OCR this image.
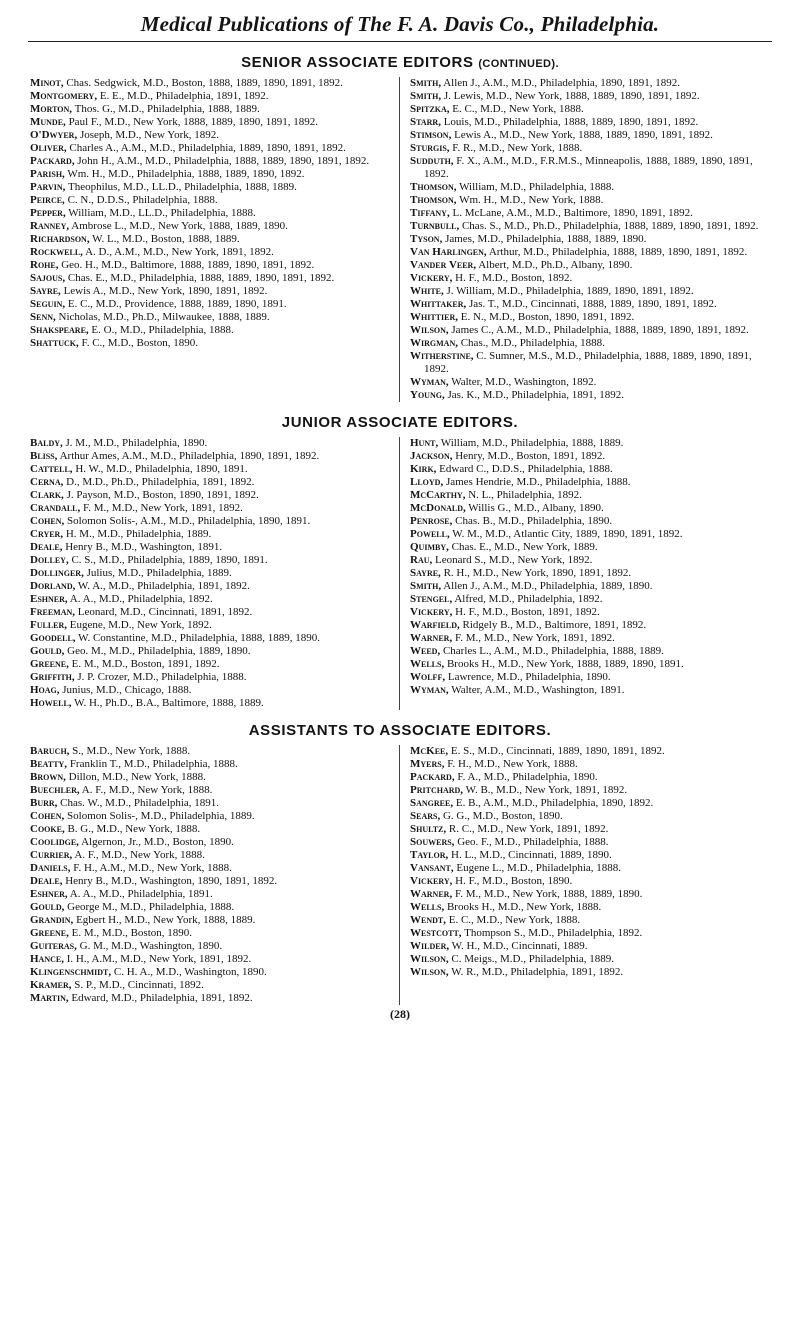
Medical Publications of The F. A. Davis Co., Philadelphia.
SENIOR ASSOCIATE EDITORS (CONTINUED).

Minot, Chas. Sedgwick, M.D., Boston, 1888, 1889, 1890, 1891, 1892.

Montgomery, E. E., M.D., Philadelphia, 1891, 1892.

Morton, Thos. G., M.D., Philadelphia, 1888, 1889.

Munde, Paul F., M.D., New York, 1888, 1889, 1890, 1891, 1892.

O'Dwyer, Joseph, M.D., New York, 1892.

Oliver, Charles A., A.M., M.D., Philadelphia, 1889, 1890, 1891, 1892.

Packard, John H., A.M., M.D., Philadelphia, 1888, 1889, 1890, 1891, 1892.

Parish, Wm. H., M.D., Philadelphia, 1888, 1889, 1890, 1892.

Parvin, Theophilus, M.D., LL.D., Philadelphia, 1888, 1889.

Peirce, C. N., D.D.S., Philadelphia, 1888.

Pepper, William, M.D., LL.D., Philadelphia, 1888.

Ranney, Ambrose L., M.D., New York, 1888, 1889, 1890.

Richardson, W. L., M.D., Boston, 1888, 1889.

Rockwell, A. D., A.M., M.D., New York, 1891, 1892.

Rohe, Geo. H., M.D., Baltimore, 1888, 1889, 1890, 1891, 1892.

Sajous, Chas. E., M.D., Philadelphia, 1888, 1889, 1890, 1891, 1892.

Sayre, Lewis A., M.D., New York, 1890, 1891, 1892.

Seguin, E. C., M.D., Providence, 1888, 1889, 1890, 1891.

Senn, Nicholas, M.D., Ph.D., Milwaukee, 1888, 1889.

Shakspeare, E. O., M.D., Philadelphia, 1888.

Shattuck, F. C., M.D., Boston, 1890.

Smith, Allen J., A.M., M.D., Philadelphia, 1890, 1891, 1892.

Smith, J. Lewis, M.D., New York, 1888, 1889, 1890, 1891, 1892.

Spitzka, E. C., M.D., New York, 1888.

Starr, Louis, M.D., Philadelphia, 1888, 1889, 1890, 1891, 1892.

Stimson, Lewis A., M.D., New York, 1888, 1889, 1890, 1891, 1892.

Sturgis, F. R., M.D., New York, 1888.

Sudduth, F. X., A.M., M.D., F.R.M.S., Minneapolis, 1888, 1889, 1890, 1891, 1892.

Thomson, William, M.D., Philadelphia, 1888.

Thomson, Wm. H., M.D., New York, 1888.

Tiffany, L. McLane, A.M., M.D., Baltimore, 1890, 1891, 1892.

Turnbull, Chas. S., M.D., Ph.D., Philadelphia, 1888, 1889, 1890, 1891, 1892.

Tyson, James, M.D., Philadelphia, 1888, 1889, 1890.

Van Harlingen, Arthur, M.D., Philadelphia, 1888, 1889, 1890, 1891, 1892.

Vander Veer, Albert, M.D., Ph.D., Albany, 1890.

Vickery, H. F., M.D., Boston, 1892.

White, J. William, M.D., Philadelphia, 1889, 1890, 1891, 1892.

Whittaker, Jas. T., M.D., Cincinnati, 1888, 1889, 1890, 1891, 1892.

Whittier, E. N., M.D., Boston, 1890, 1891, 1892.

Wilson, James C., A.M., M.D., Philadelphia, 1888, 1889, 1890, 1891, 1892.

Wirgman, Chas., M.D., Philadelphia, 1888.

Witherstine, C. Sumner, M.S., M.D., Philadelphia, 1888, 1889, 1890, 1891, 1892.

Wyman, Walter, M.D., Washington, 1892.

Young, Jas. K., M.D., Philadelphia, 1891, 1892.

JUNIOR ASSOCIATE EDITORS.

Baldy, J. M., M.D., Philadelphia, 1890.

Bliss, Arthur Ames, A.M., M.D., Philadelphia, 1890, 1891, 1892.

Cattell, H. W., M.D., Philadelphia, 1890, 1891.

Cerna, D., M.D., Ph.D., Philadelphia, 1891, 1892.

Clark, J. Payson, M.D., Boston, 1890, 1891, 1892.

Crandall, F. M., M.D., New York, 1891, 1892.

Cohen, Solomon Solis-, A.M., M.D., Philadelphia, 1890, 1891.

Cryer, H. M., M.D., Philadelphia, 1889.

Deale, Henry B., M.D., Washington, 1891.

Dolley, C. S., M.D., Philadelphia, 1889, 1890, 1891.

Dollinger, Julius, M.D., Philadelphia, 1889.

Dorland, W. A., M.D., Philadelphia, 1891, 1892.

Eshner, A. A., M.D., Philadelphia, 1892.

Freeman, Leonard, M.D., Cincinnati, 1891, 1892.

Fuller, Eugene, M.D., New York, 1892.

Goodell, W. Constantine, M.D., Philadelphia, 1888, 1889, 1890.

Gould, Geo. M., M.D., Philadelphia, 1889, 1890.

Greene, E. M., M.D., Boston, 1891, 1892.

Griffith, J. P. Crozer, M.D., Philadelphia, 1888.

Hoag, Junius, M.D., Chicago, 1888.

Howell, W. H., Ph.D., B.A., Baltimore, 1888, 1889.

Hunt, William, M.D., Philadelphia, 1888, 1889.

Jackson, Henry, M.D., Boston, 1891, 1892.

Kirk, Edward C., D.D.S., Philadelphia, 1888.

Lloyd, James Hendrie, M.D., Philadelphia, 1888.

McCarthy, N. L., Philadelphia, 1892.

McDonald, Willis G., M.D., Albany, 1890.

Penrose, Chas. B., M.D., Philadelphia, 1890.

Powell, W. M., M.D., Atlantic City, 1889, 1890, 1891, 1892.

Quimby, Chas. E., M.D., New York, 1889.

Rau, Leonard S., M.D., New York, 1892.

Sayre, R. H., M.D., New York, 1890, 1891, 1892.

Smith, Allen J., A.M., M.D., Philadelphia, 1889, 1890.

Stengel, Alfred, M.D., Philadelphia, 1892.

Vickery, H. F., M.D., Boston, 1891, 1892.

Warfield, Ridgely B., M.D., Baltimore, 1891, 1892.

Warner, F. M., M.D., New York, 1891, 1892.

Weed, Charles L., A.M., M.D., Philadelphia, 1888, 1889.

Wells, Brooks H., M.D., New York, 1888, 1889, 1890, 1891.

Wolff, Lawrence, M.D., Philadelphia, 1890.

Wyman, Walter, A.M., M.D., Washington, 1891.

ASSISTANTS TO ASSOCIATE EDITORS.

Baruch, S., M.D., New York, 1888.

Beatty, Franklin T., M.D., Philadelphia, 1888.

Brown, Dillon, M.D., New York, 1888.

Buechler, A. F., M.D., New York, 1888.

Burr, Chas. W., M.D., Philadelphia, 1891.

Cohen, Solomon Solis-, M.D., Philadelphia, 1889.

Cooke, B. G., M.D., New York, 1888.

Coolidge, Algernon, Jr., M.D., Boston, 1890.

Currier, A. F., M.D., New York, 1888.

Daniels, F. H., A.M., M.D., New York, 1888.

Deale, Henry B., M.D., Washington, 1890, 1891, 1892.

Eshner, A. A., M.D., Philadelphia, 1891.

Gould, George M., M.D., Philadelphia, 1888.

Grandin, Egbert H., M.D., New York, 1888, 1889.

Greene, E. M., M.D., Boston, 1890.

Guiteras, G. M., M.D., Washington, 1890.

Hance, I. H., A.M., M.D., New York, 1891, 1892.

Klingenschmidt, C. H. A., M.D., Washington, 1890.

Kramer, S. P., M.D., Cincinnati, 1892.

Martin, Edward, M.D., Philadelphia, 1891, 1892.

McKee, E. S., M.D., Cincinnati, 1889, 1890, 1891, 1892.

Myers, F. H., M.D., New York, 1888.

Packard, F. A., M.D., Philadelphia, 1890.

Pritchard, W. B., M.D., New York, 1891, 1892.

Sangree, E. B., A.M., M.D., Philadelphia, 1890, 1892.

Sears, G. G., M.D., Boston, 1890.

Shultz, R. C., M.D., New York, 1891, 1892.

Souwers, Geo. F., M.D., Philadelphia, 1888.

Taylor, H. L., M.D., Cincinnati, 1889, 1890.

Vansant, Eugene L., M.D., Philadelphia, 1888.

Vickery, H. F., M.D., Boston, 1890.

Warner, F. M., M.D., New York, 1888, 1889, 1890.

Wells, Brooks H., M.D., New York, 1888.

Wendt, E. C., M.D., New York, 1888.

Westcott, Thompson S., M.D., Philadelphia, 1892.

Wilder, W. H., M.D., Cincinnati, 1889.

Wilson, C. Meigs., M.D., Philadelphia, 1889.

Wilson, W. R., M.D., Philadelphia, 1891, 1892.

(28)
